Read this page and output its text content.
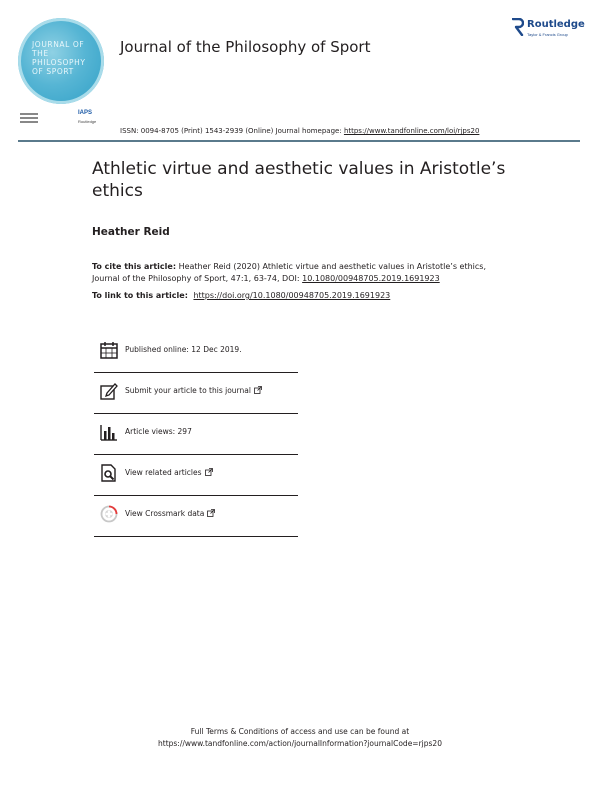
JOURNAL OF THE PHILOSOPHY OF SPORT
IAPS
Routledge
Journal of the Philosophy of Sport
Routledge
Taylor & Francis Group
ISSN: 0094-8705 (Print) 1543-2939 (Online) Journal homepage: https://www.tandfonline.com/loi/rjps20
Athletic virtue and aesthetic values in Aristotle’s ethics
Heather Reid
To cite this article: Heather Reid (2020) Athletic virtue and aesthetic values in Aristotle’s ethics, Journal of the Philosophy of Sport, 47:1, 63-74, DOI: 10.1080/00948705.2019.1691923
To link to this article: https://doi.org/10.1080/00948705.2019.1691923
Published online: 12 Dec 2019.
Submit your article to this journal
Article views: 297
View related articles
View Crossmark data
Full Terms & Conditions of access and use can be found at
https://www.tandfonline.com/action/journalInformation?journalCode=rjps20
